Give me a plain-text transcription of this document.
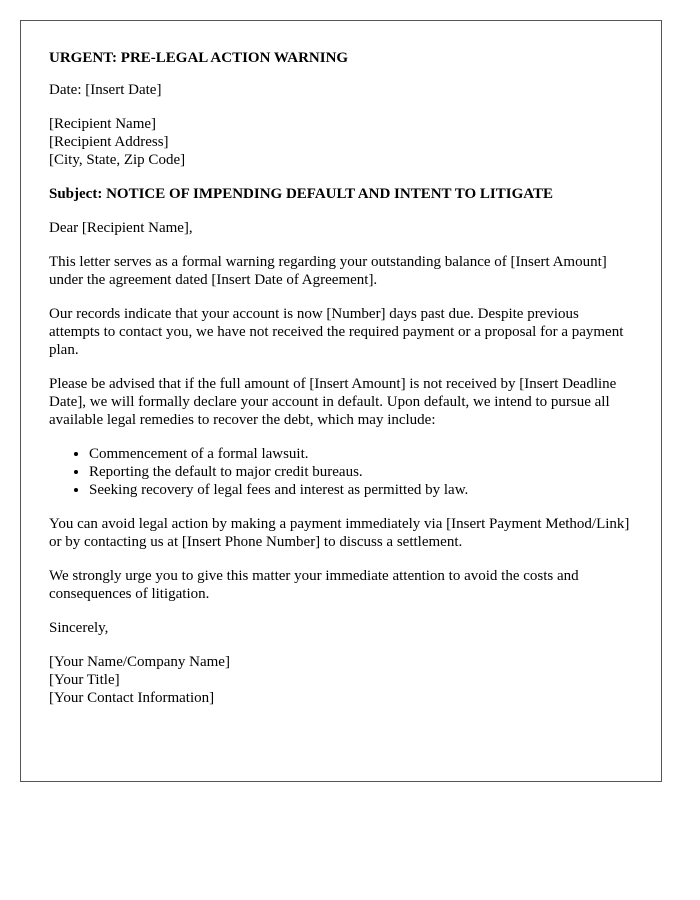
URGENT: PRE-LEGAL ACTION WARNING

Date: [Insert Date]

[Recipient Name]
[Recipient Address]
[City, State, Zip Code]

Subject: NOTICE OF IMPENDING DEFAULT AND INTENT TO LITIGATE

Dear [Recipient Name],

This letter serves as a formal warning regarding your outstanding balance of [Insert Amount] under the agreement dated [Insert Date of Agreement].

Our records indicate that your account is now [Number] days past due. Despite previous attempts to contact you, we have not received the required payment or a proposal for a payment plan.

Please be advised that if the full amount of [Insert Amount] is not received by [Insert Deadline Date], we will formally declare your account in default. Upon default, we intend to pursue all available legal remedies to recover the debt, which may include:

• Commencement of a formal lawsuit.
• Reporting the default to major credit bureaus.
• Seeking recovery of legal fees and interest as permitted by law.

You can avoid legal action by making a payment immediately via [Insert Payment Method/Link] or by contacting us at [Insert Phone Number] to discuss a settlement.

We strongly urge you to give this matter your immediate attention to avoid the costs and consequences of litigation.

Sincerely,

[Your Name/Company Name]
[Your Title]
[Your Contact Information]
